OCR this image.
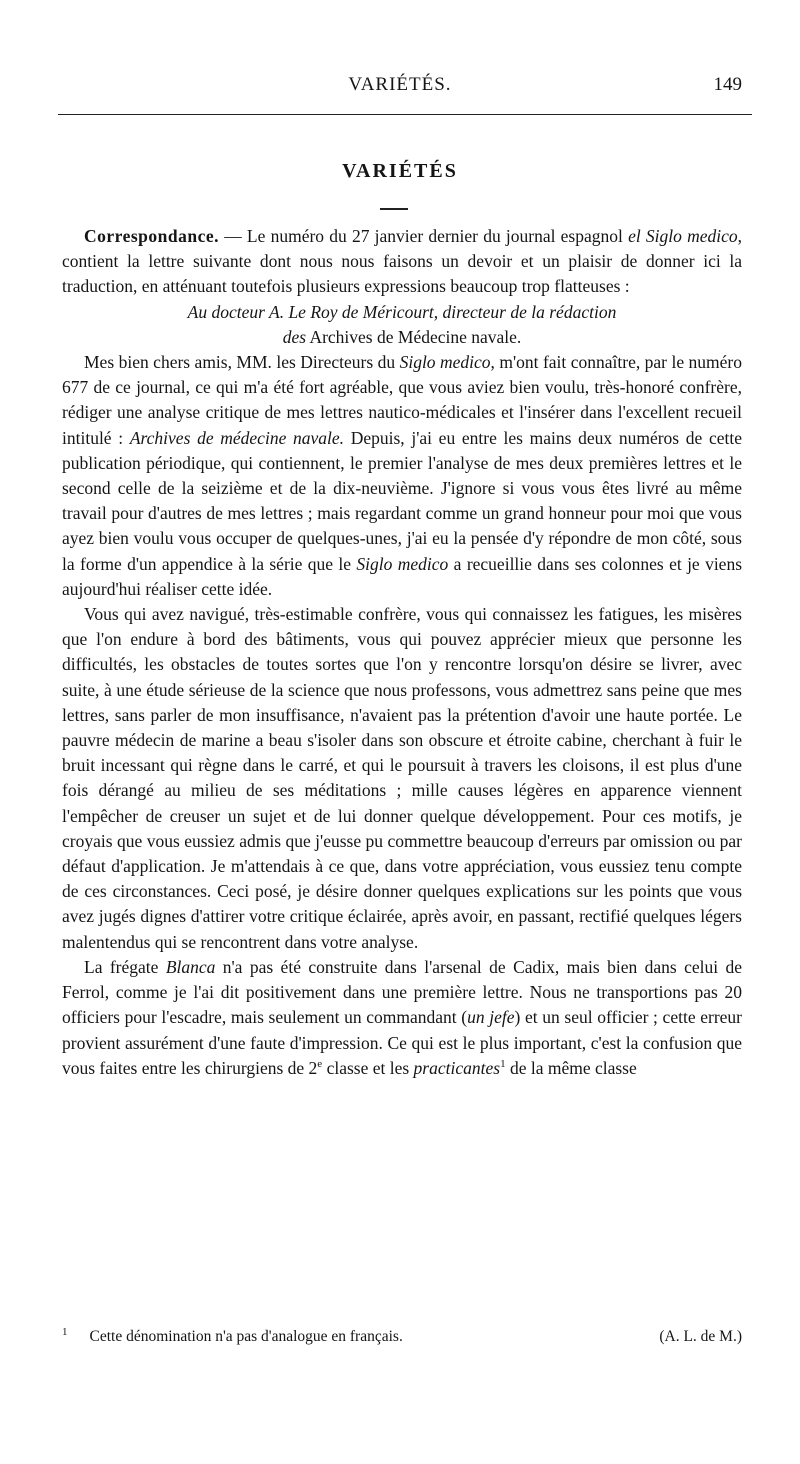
VARIÉTÉS.	149
VARIÉTÉS

Correspondance. — Le numéro du 27 janvier dernier du journal espagnol el Siglo medico, contient la lettre suivante dont nous nous faisons un devoir et un plaisir de donner ici la traduction, en atténuant toutefois plusieurs expressions beaucoup trop flatteuses :

Au docteur A. Le Roy de Méricourt, directeur de la rédaction

des Archives de Médecine navale.

Mes bien chers amis, MM. les Directeurs du Siglo medico, m'ont fait connaître, par le numéro 677 de ce journal, ce qui m'a été fort agréable, que vous aviez bien voulu, très-honoré confrère, rédiger une analyse critique de mes lettres nautico-médicales et l'insérer dans l'excellent recueil intitulé : Archives de médecine navale. Depuis, j'ai eu entre les mains deux numéros de cette publication périodique, qui contiennent, le premier l'analyse de mes deux premières lettres et le second celle de la seizième et de la dix-neuvième. J'ignore si vous vous êtes livré au même travail pour d'autres de mes lettres ; mais regardant comme un grand honneur pour moi que vous ayez bien voulu vous occuper de quelques-unes, j'ai eu la pensée d'y répondre de mon côté, sous la forme d'un appendice à la série que le Siglo medico a recueillie dans ses colonnes et je viens aujourd'hui réaliser cette idée.

Vous qui avez navigué, très-estimable confrère, vous qui connaissez les fatigues, les misères que l'on endure à bord des bâtiments, vous qui pouvez apprécier mieux que personne les difficultés, les obstacles de toutes sortes que l'on y rencontre lorsqu'on désire se livrer, avec suite, à une étude sérieuse de la science que nous professons, vous admettrez sans peine que mes lettres, sans parler de mon insuffisance, n'avaient pas la prétention d'avoir une haute portée. Le pauvre médecin de marine a beau s'isoler dans son obscure et étroite cabine, cherchant à fuir le bruit incessant qui règne dans le carré, et qui le poursuit à travers les cloisons, il est plus d'une fois dérangé au milieu de ses méditations ; mille causes légères en apparence viennent l'empêcher de creuser un sujet et de lui donner quelque développement. Pour ces motifs, je croyais que vous eussiez admis que j'eusse pu commettre beaucoup d'erreurs par omission ou par défaut d'application. Je m'attendais à ce que, dans votre appréciation, vous eussiez tenu compte de ces circonstances. Ceci posé, je désire donner quelques explications sur les points que vous avez jugés dignes d'attirer votre critique éclairée, après avoir, en passant, rectifié quelques légers malentendus qui se rencontrent dans votre analyse.

La frégate Blanca n'a pas été construite dans l'arsenal de Cadix, mais bien dans celui de Ferrol, comme je l'ai dit positivement dans une première lettre. Nous ne transportions pas 20 officiers pour l'escadre, mais seulement un commandant (un jefe) et un seul officier ; cette erreur provient assurément d'une faute d'impression. Ce qui est le plus important, c'est la confusion que vous faites entre les chirurgiens de 2e classe et les practicantes$^1$ de la même classe

$^1$ Cette dénomination n'a pas d'analogue en français.	(A. L. de M.)
